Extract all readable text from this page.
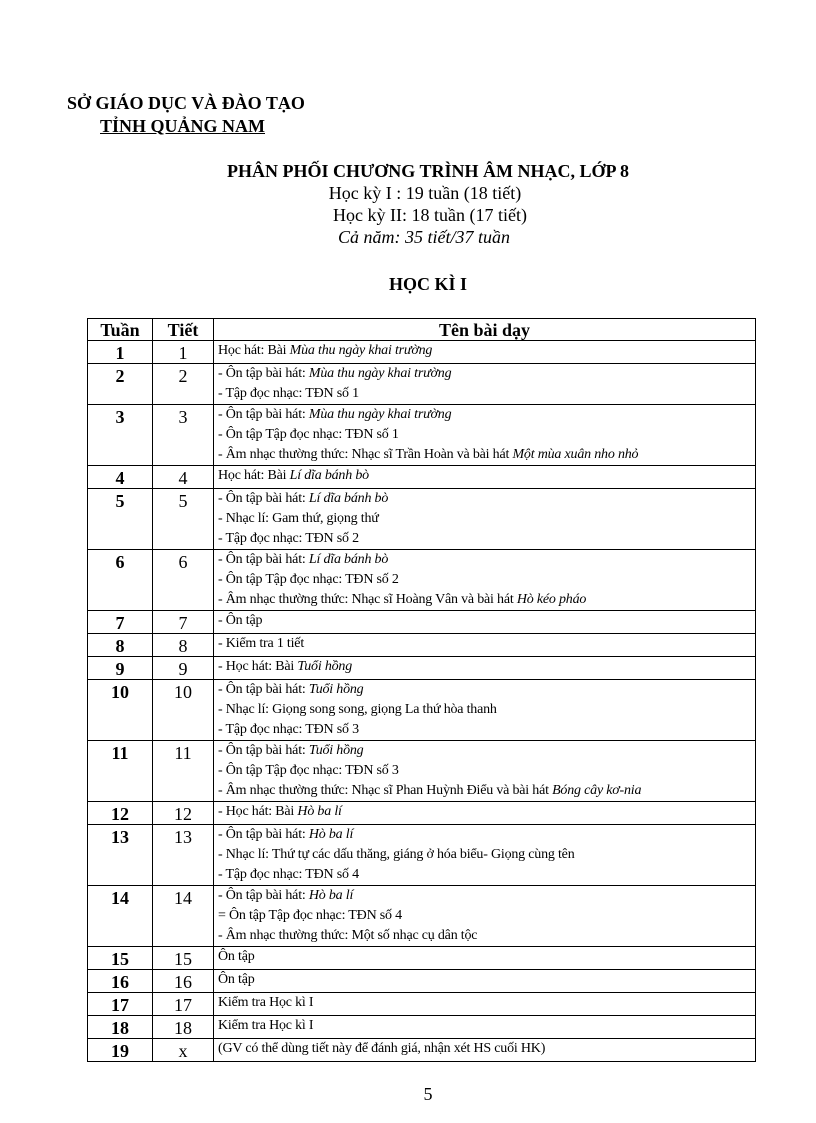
SỞ GIÁO DỤC VÀ ĐÀO TẠO
TỈNH QUẢNG NAM
PHÂN PHỐI CHƯƠNG TRÌNH ÂM NHẠC, LỚP 8
Học kỳ I : 19 tuần (18 tiết)
Học kỳ II: 18 tuần (17 tiết)
Cả năm: 35 tiết/37 tuần
HỌC KÌ I
Tuần	Tiết	Tên bài dạy
1	1	Học hát: Bài Mùa thu ngày khai trường

2	2	- Ôn tập bài hát: Mùa thu ngày khai trường
- Tập đọc nhạc: TĐN số 1

3	3	- Ôn tập bài hát: Mùa thu ngày khai trường
- Ôn tập Tập đọc nhạc: TĐN số 1
- Âm nhạc thường thức: Nhạc sĩ Trần Hoàn và bài hát Một mùa xuân nho nhỏ

4	4	Học hát: Bài Lí dĩa bánh bò

5	5	- Ôn tập bài hát: Lí dĩa bánh bò
- Nhạc lí: Gam thứ, giọng thứ
- Tập đọc nhạc: TĐN số 2

6	6	- Ôn tập bài hát: Lí dĩa bánh bò
- Ôn tập Tập đọc nhạc: TĐN số 2
- Âm nhạc thường thức: Nhạc sĩ Hoàng Vân và bài hát Hò kéo pháo

7	7	- Ôn tập

8	8	- Kiểm tra 1 tiết

9	9	- Học hát: Bài Tuổi hồng

10	10	- Ôn tập bài hát: Tuổi hồng
- Nhạc lí: Giọng song song, giọng La thứ hòa thanh
- Tập đọc nhạc: TĐN số 3

11	11	- Ôn tập bài hát: Tuổi hồng
- Ôn tập Tập đọc nhạc: TĐN số 3
- Âm nhạc thường thức: Nhạc sĩ Phan Huỳnh Điểu và bài hát Bóng cây kơ-nia

12	12	- Học hát: Bài Hò ba lí

13	13	- Ôn tập bài hát: Hò ba lí
- Nhạc lí: Thứ tự các dấu thăng, giáng ở hóa biểu- Giọng cùng tên
- Tập đọc nhạc: TĐN số 4

14	14	- Ôn tập bài hát: Hò ba lí
= Ôn tập Tập đọc nhạc: TĐN số 4
- Âm nhạc thường thức: Một số nhạc cụ dân tộc

15	15	Ôn tập

16	16	Ôn tập

17	17	Kiểm tra Học kì I

18	18	Kiểm tra Học kì I

19	x	(GV có thể dùng tiết này để đánh giá, nhận xét HS cuối HK)
5
